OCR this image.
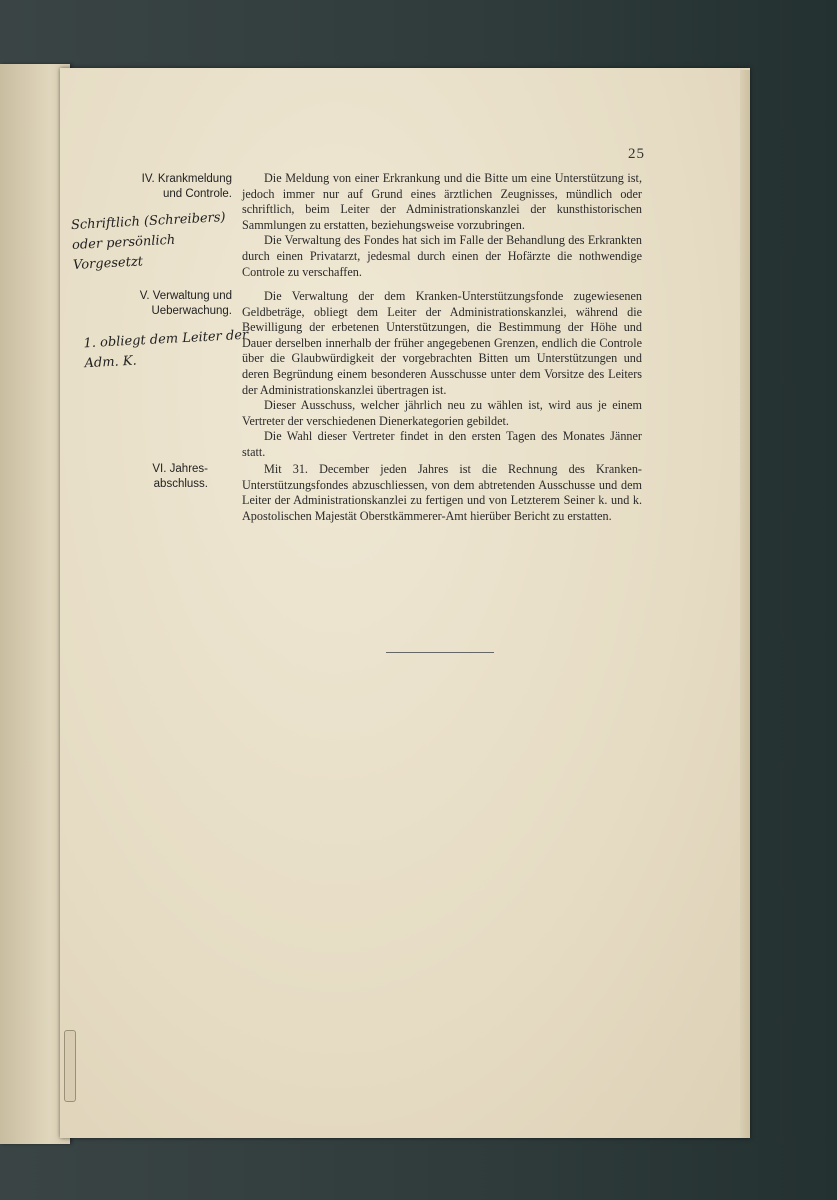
25
IV. Krankmeldung
und Controle.

Die Meldung von einer Erkrankung und die Bitte um eine Unterstützung ist, jedoch immer nur auf Grund eines ärztlichen Zeugnisses, mündlich oder schriftlich, beim Leiter der Administrationskanzlei der kunsthistorischen Sammlungen zu erstatten, beziehungsweise vorzubringen.

Die Verwaltung des Fondes hat sich im Falle der Behandlung des Erkrankten durch einen Privatarzt, jedesmal durch einen der Hofärzte die nothwendige Controle zu verschaffen.

Schriftlich (Schreibers)
oder persönlich
Vorgesetzt
V. Verwaltung und
Ueberwachung.

Die Verwaltung der dem Kranken-Unterstützungsfonde zugewiesenen Geldbeträge, obliegt dem Leiter der Administrationskanzlei, während die Bewilligung der erbetenen Unterstützungen, die Bestimmung der Höhe und Dauer derselben innerhalb der früher angegebenen Grenzen, endlich die Controle über die Glaubwürdigkeit der vorgebrachten Bitten um Unterstützungen und deren Begründung einem besonderen Ausschusse unter dem Vorsitze des Leiters der Administrationskanzlei übertragen ist.

Dieser Ausschuss, welcher jährlich neu zu wählen ist, wird aus je einem Vertreter der verschiedenen Dienerkategorien gebildet.

Die Wahl dieser Vertreter findet in den ersten Tagen des Monates Jänner statt.

1. obliegt dem Leiter der
Adm. K.
VI. Jahres-
abschluss.

Mit 31. December jeden Jahres ist die Rechnung des Kranken-Unterstützungsfondes abzuschliessen, von dem abtretenden Ausschusse und dem Leiter der Administrationskanzlei zu fertigen und von Letzterem Seiner k. und k. Apostolischen Majestät Oberstkämmerer-Amt hierüber Bericht zu erstatten.
